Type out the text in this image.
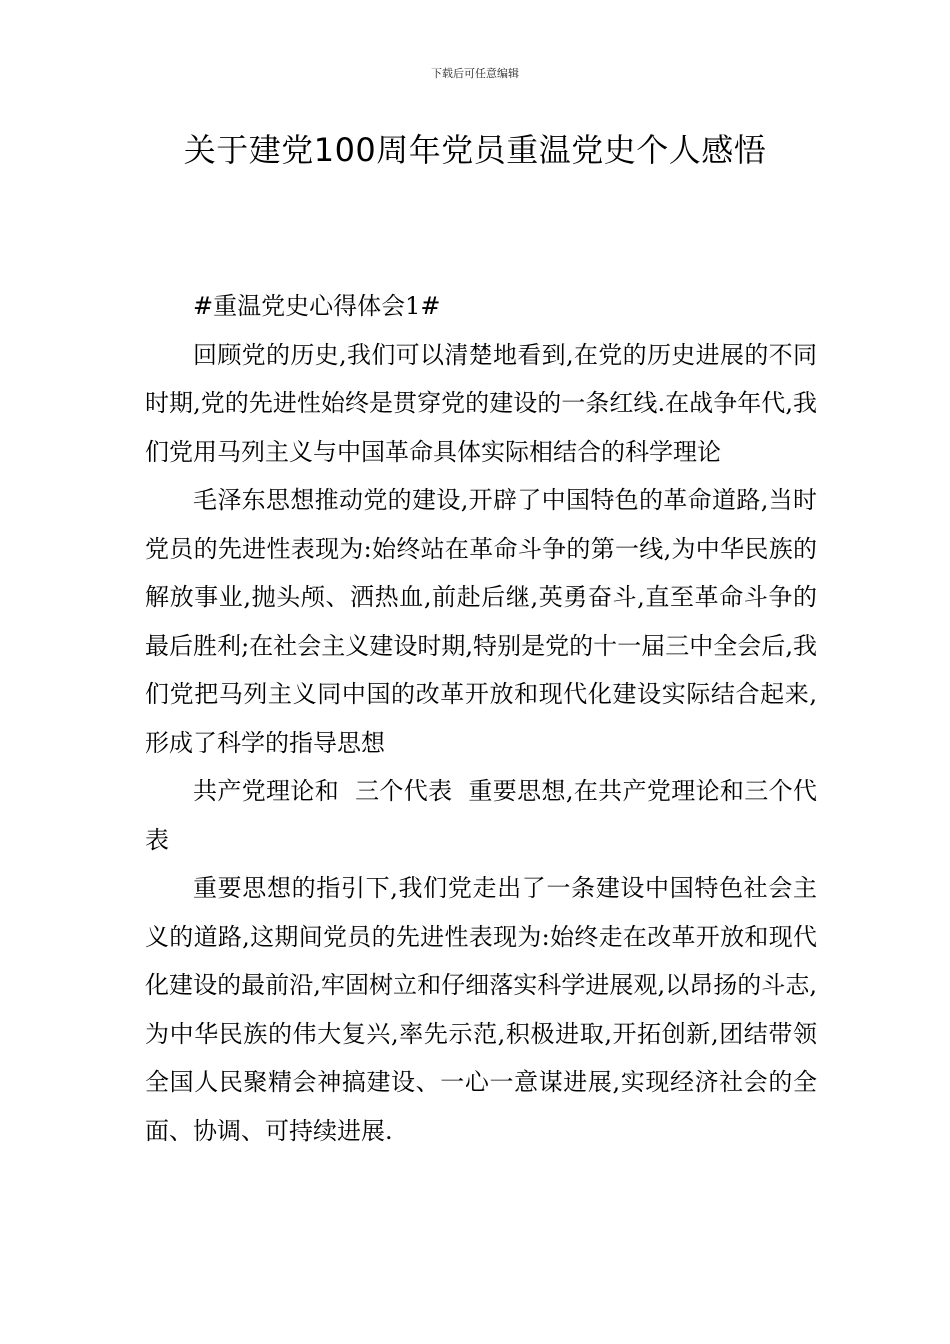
下载后可任意编辑
关于建党100周年党员重温党史个人感悟

#重温党史心得体会1#

回顾党的历史,我们可以清楚地看到,在党的历史进展的不同时期,党的先进性始终是贯穿党的建设的一条红线.在战争年代,我们党用马列主义与中国革命具体实际相结合的科学理论

毛泽东思想推动党的建设,开辟了中国特色的革命道路,当时党员的先进性表现为:始终站在革命斗争的第一线,为中华民族的解放事业,抛头颅、洒热血,前赴后继,英勇奋斗,直至革命斗争的最后胜利;在社会主义建设时期,特别是党的十一届三中全会后,我们党把马列主义同中国的改革开放和现代化建设实际结合起来,形成了科学的指导思想

共产党理论和  三个代表  重要思想,在共产党理论和三个代表

重要思想的指引下,我们党走出了一条建设中国特色社会主义的道路,这期间党员的先进性表现为:始终走在改革开放和现代化建设的最前沿,牢固树立和仔细落实科学进展观,以昂扬的斗志,为中华民族的伟大复兴,率先示范,积极进取,开拓创新,团结带领全国人民聚精会神搞建设、一心一意谋进展,实现经济社会的全面、协调、可持续进展.
